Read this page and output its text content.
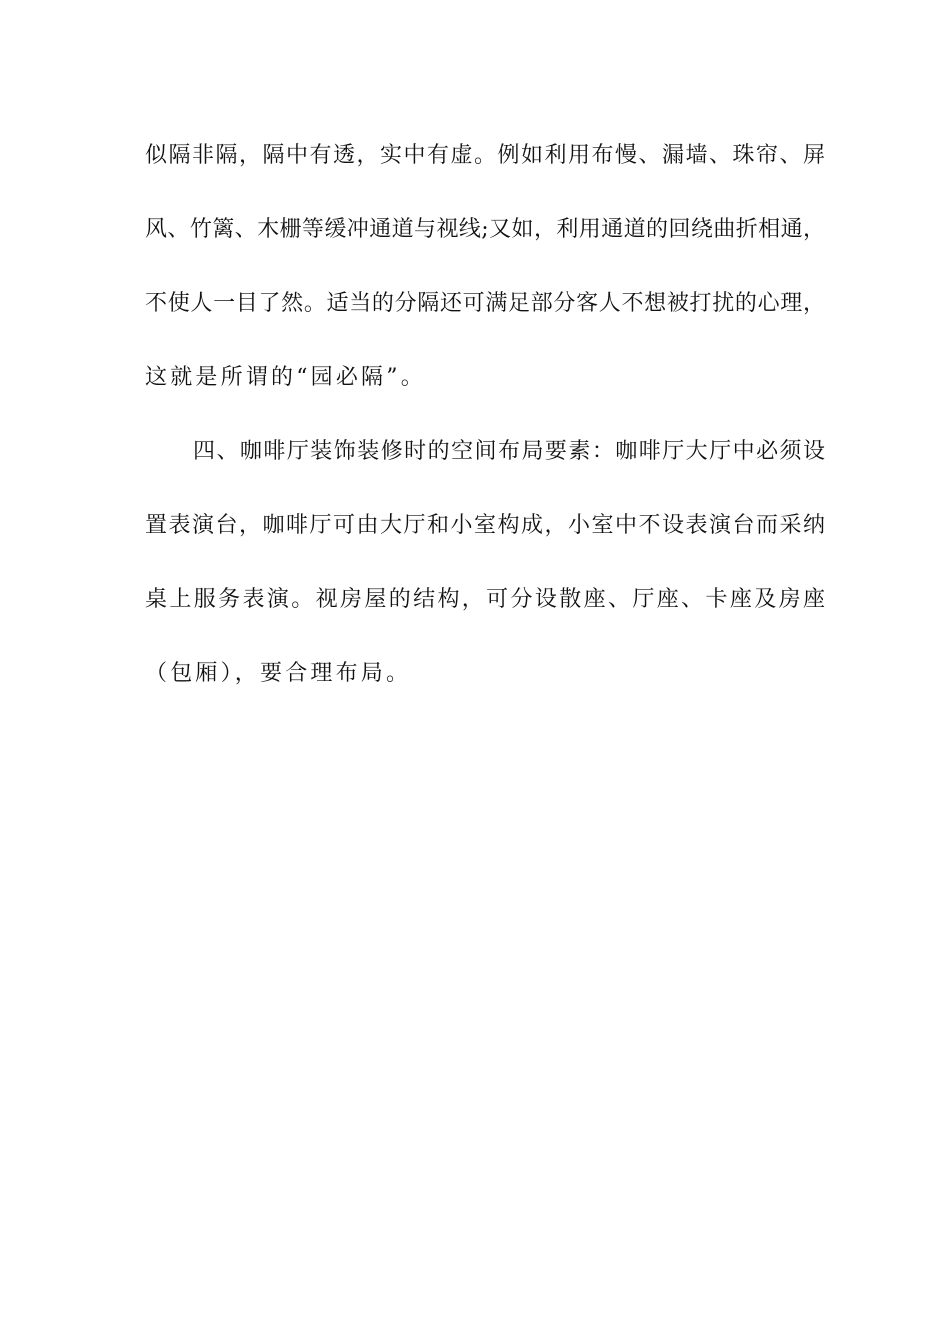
似隔非隔，隔中有透，实中有虚。例如利用布慢、漏墙、珠帘、屏
风、竹篱、木栅等缓冲通道与视线;又如，利用通道的回绕曲折相通，
不使人一目了然。适当的分隔还可满足部分客人不想被打扰的心理，
这就是所谓的“园必隔”。
四、咖啡厅装饰装修时的空间布局要素：咖啡厅大厅中必须设
置表演台，咖啡厅可由大厅和小室构成，小室中不设表演台而采纳
桌上服务表演。视房屋的结构，可分设散座、厅座、卡座及房座
（包厢），要合理布局。
